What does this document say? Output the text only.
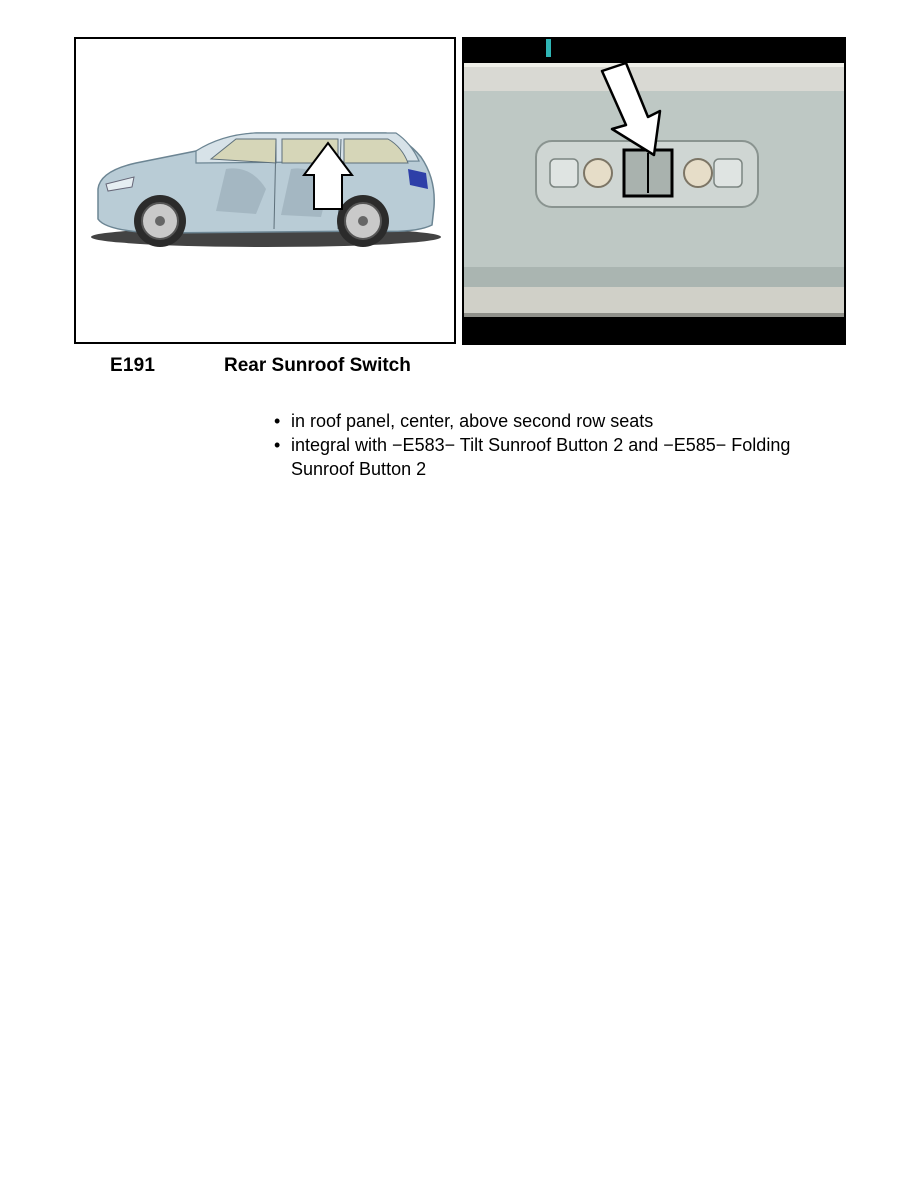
E191	Rear Sunroof Switch
• in roof panel, center, above second row seats
• integral with −E583− Tilt Sunroof Button 2 and −E585− Folding Sunroof Button 2
